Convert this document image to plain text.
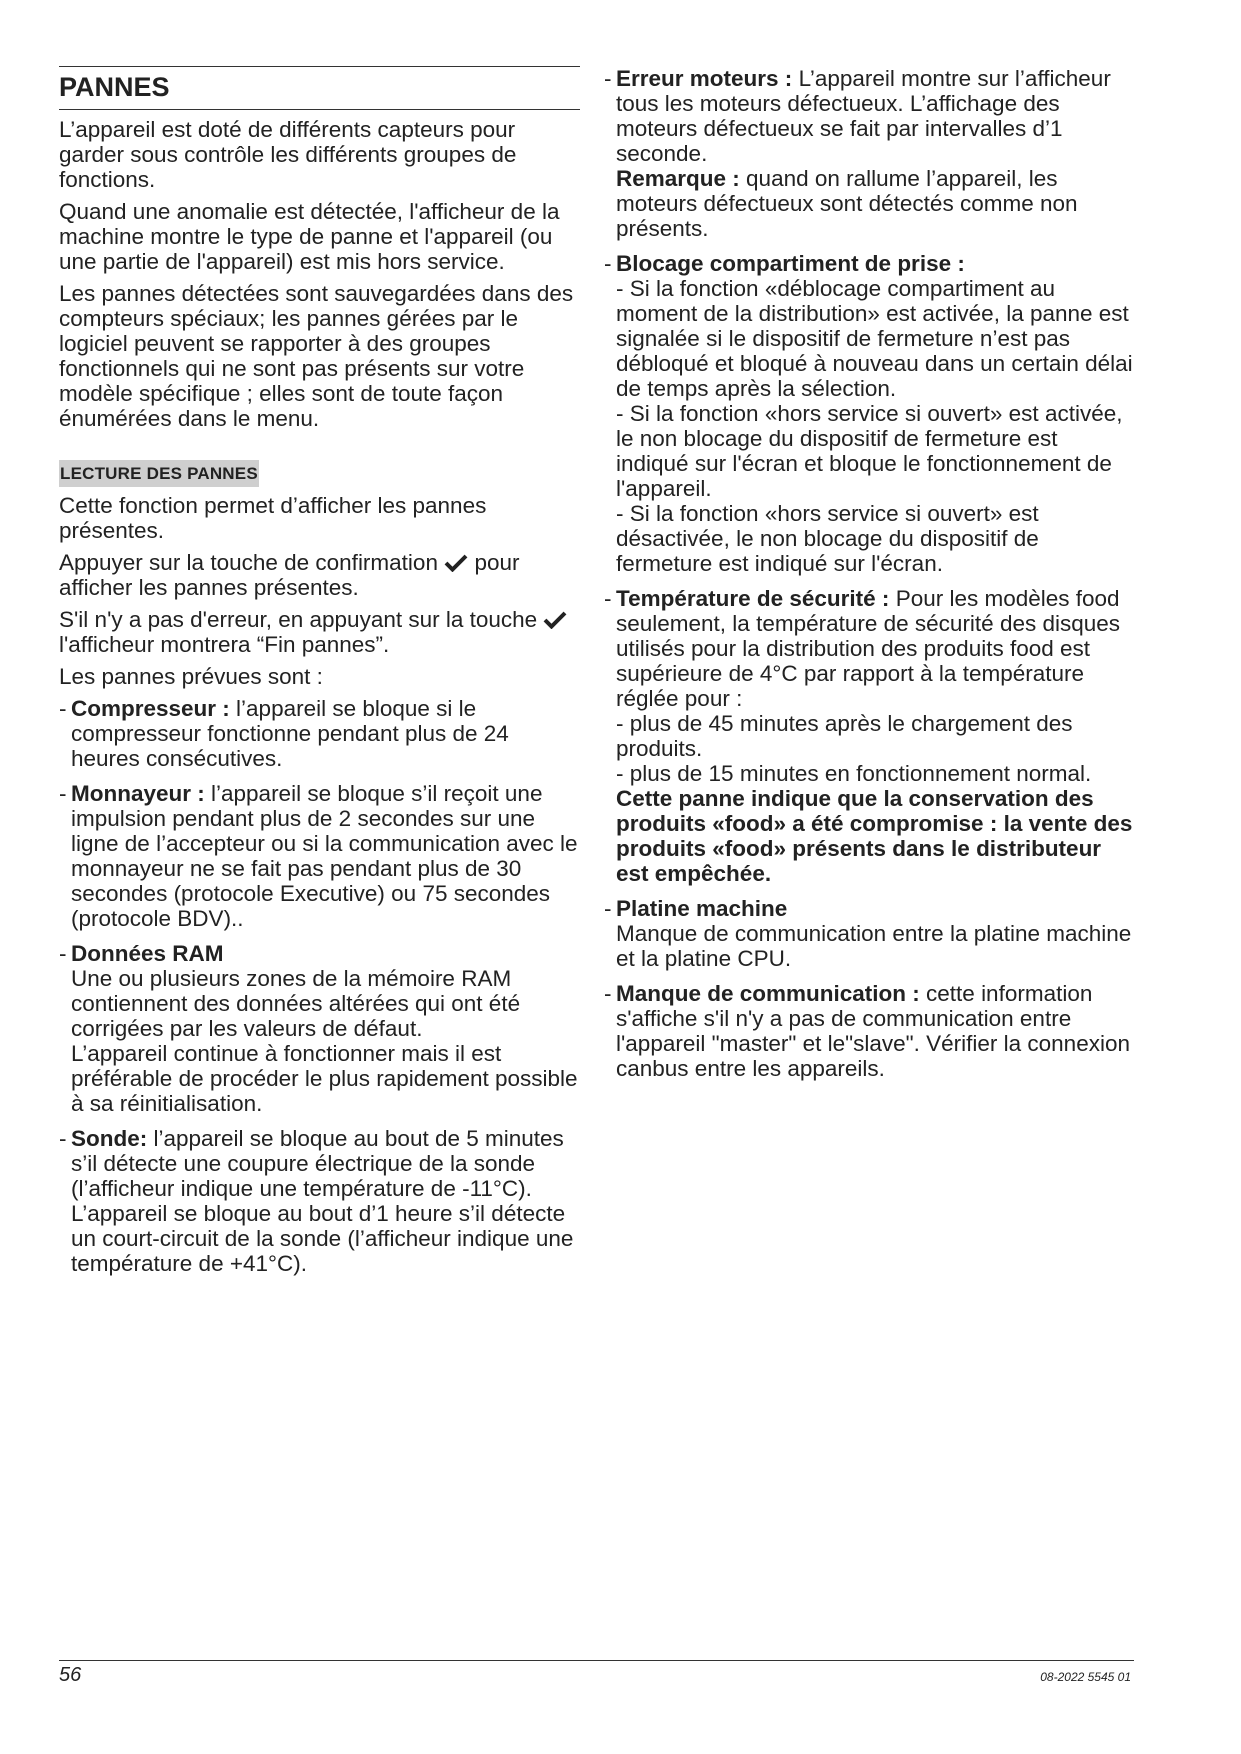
PANNES

L’appareil est doté de différents capteurs pour garder sous contrôle les différents groupes de fonctions.

Quand une anomalie est détectée, l'afficheur de la machine montre le type de panne et l'appareil (ou une partie de l'appareil) est mis hors service.

Les pannes détectées sont sauvegardées dans des compteurs spéciaux; les pannes gérées par le logiciel peuvent se rapporter à des groupes fonctionnels qui ne sont pas présents sur votre modèle spécifique ; elles sont de toute façon énumérées dans le menu.

LECTURE DES PANNES

Cette fonction permet d’afficher les pannes présentes.

Appuyer sur la touche de confirmation pour afficher les pannes présentes.

S'il n'y a pas d'erreur, en appuyant sur la touche  l'afficheur montrera “Fin pannes”.

Les pannes prévues sont :

- Compresseur : l’appareil se bloque si le compresseur fonctionne pendant plus de 24 heures consécutives.
- Monnayeur : l’appareil se bloque s’il reçoit une impulsion pendant plus de 2 secondes sur une ligne de l’accepteur ou si la communication avec le monnayeur ne se fait pas pendant plus de 30 secondes (protocole Executive) ou 75 secondes (protocole BDV)..
- Données RAM
Une ou plusieurs zones de la mémoire RAM contiennent des données altérées qui ont été corrigées par les valeurs de défaut.
L’appareil continue à fonctionner mais il est préférable de procéder le plus rapidement possible à sa réinitialisation.
- Sonde: l’appareil se bloque au bout de 5 minutes s’il détecte une coupure électrique de la sonde (l’afficheur indique une température de -11°C).
L’appareil se bloque au bout d’1 heure s’il détecte un court-circuit de la sonde (l’afficheur indique une température de +41°C).
- Erreur moteurs : L’appareil montre sur l’afficheur tous les moteurs défectueux. L’affichage des moteurs défectueux se fait par intervalles d’1 seconde.
Remarque : quand on rallume l’appareil, les moteurs défectueux sont détectés comme non présents.
- Blocage compartiment de prise :
- Si la fonction «déblocage compartiment au moment de la distribution» est activée, la panne est signalée si le dispositif de fermeture n’est pas débloqué et bloqué à nouveau dans un certain délai de temps après la sélection.
- Si la fonction «hors service si ouvert» est activée, le non blocage du dispositif de fermeture est indiqué sur l'écran et bloque le fonctionnement de l'appareil.
- Si la fonction «hors service si ouvert» est désactivée, le non blocage du dispositif de fermeture est indiqué sur l'écran.
- Température de sécurité : Pour les modèles food seulement, la température de sécurité des disques utilisés pour la distribution des produits food est supérieure de 4°C par rapport à la température réglée pour :
- plus de 45 minutes après le chargement des produits.
- plus de 15 minutes en fonctionnement normal.
Cette panne indique que la conservation des produits «food» a été compromise : la vente des produits «food» présents dans le distributeur est empêchée.
- Platine machine
Manque de communication entre la platine machine et la platine CPU.
- Manque de communication : cette information s'affiche s'il n'y a pas de communication entre l'appareil "master" et le"slave". Vérifier la connexion canbus entre les appareils.
56	08-2022 5545 01
